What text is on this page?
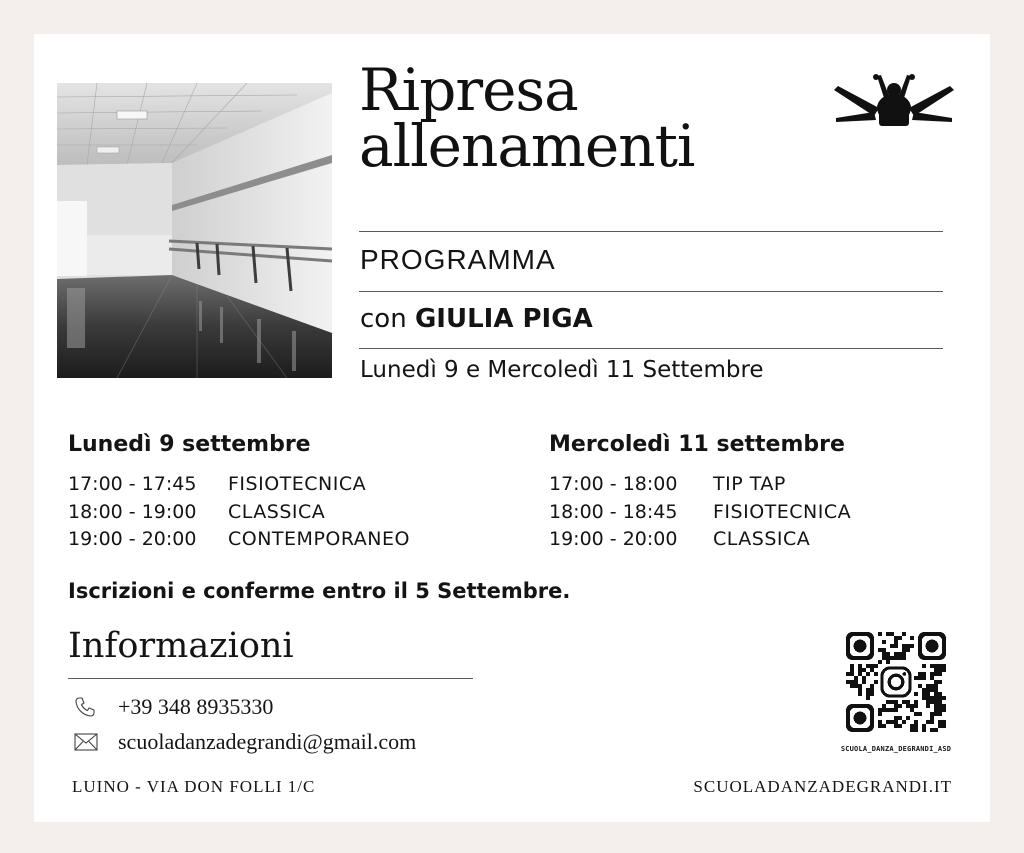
Ripresa
allenamenti
PROGRAMMA
con GIULIA PIGA
Lunedì 9 e Mercoledì 11 Settembre
Lunedì 9 settembre
17:00 - 17:45	FISIOTECNICA
18:00 - 19:00	CLASSICA
19:00 - 20:00	CONTEMPORANEO
Mercoledì 11 settembre
17:00 - 18:00	TIP TAP
18:00 - 18:45	FISIOTECNICA
19:00 - 20:00	CLASSICA
Iscrizioni e conferme entro il 5 Settembre.
Informazioni
+39 348 8935330
scuoladanzadegrandi@gmail.com
LUINO - VIA DON FOLLI 1/C	SCUOLADANZADEGRANDI.IT
SCUOLA_DANZA_DEGRANDI_ASD
